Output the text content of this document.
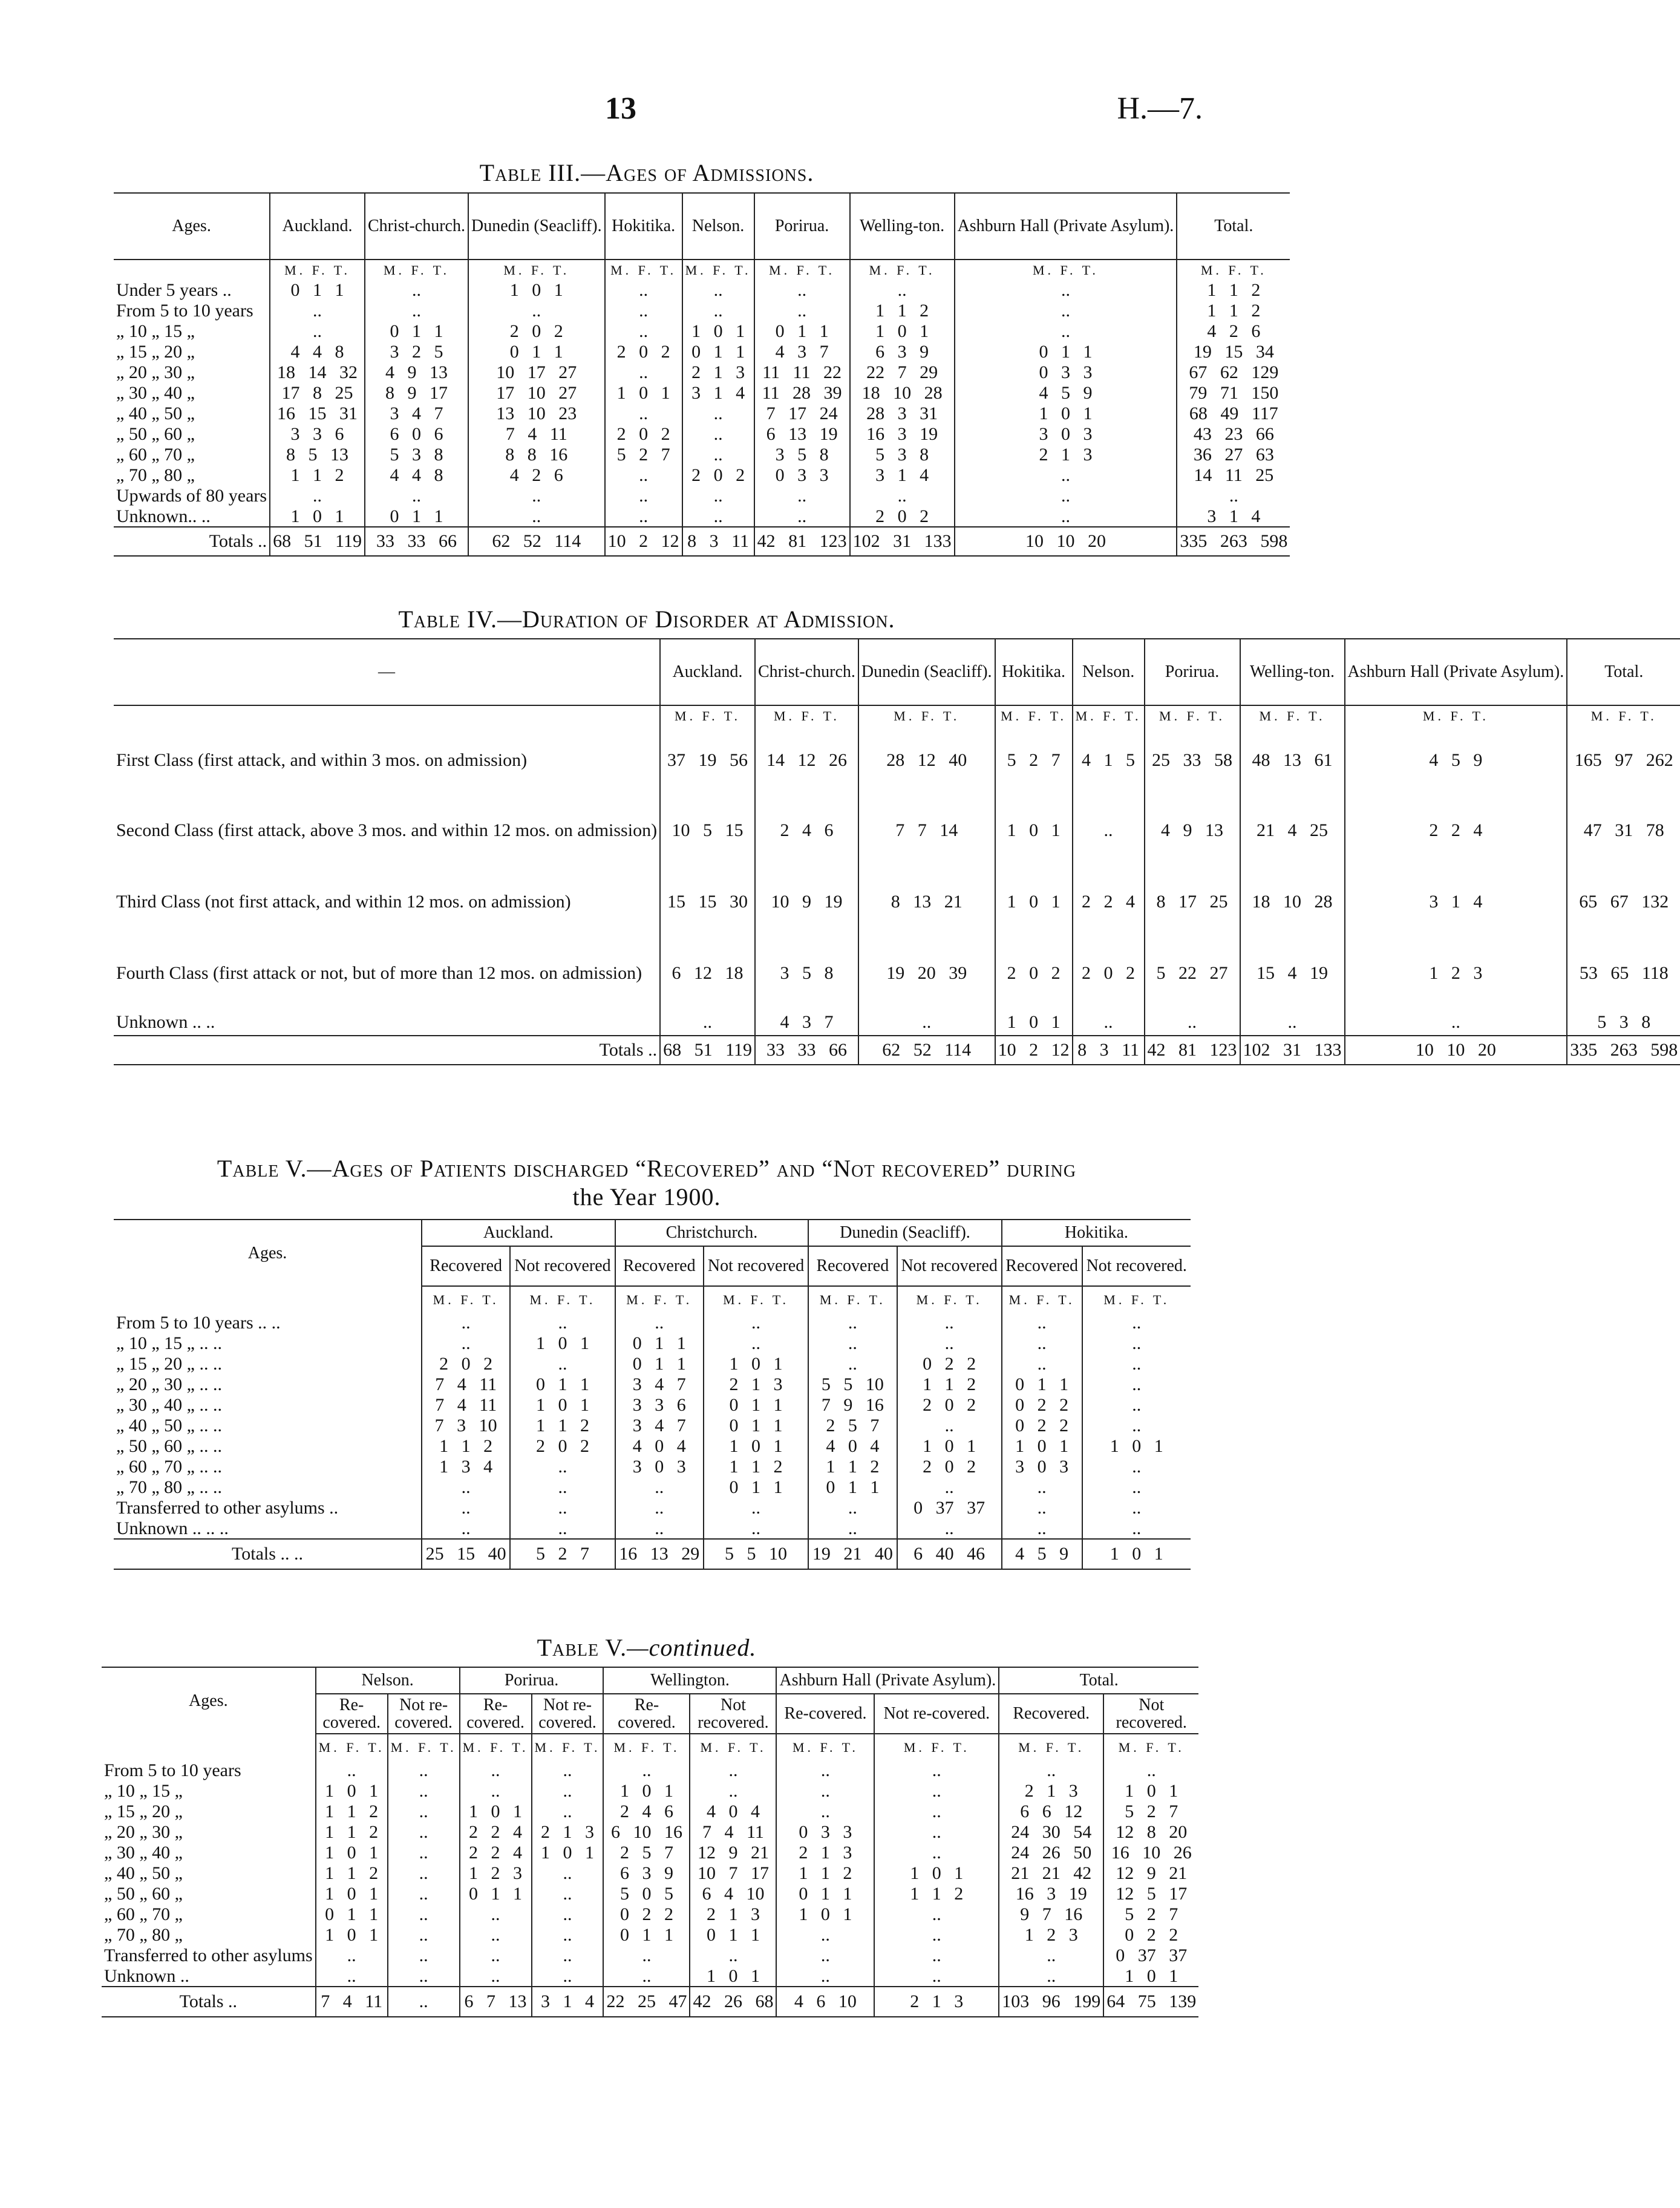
13	H.—7.
Table III.—Ages of Admissions.
Ages.	Auckland.	Christ-church.	Dunedin (Seacliff).	Hokitika.	Nelson.	Porirua.	Welling-ton.	Ashburn Hall (Private Asylum).	Total.
	M. F. T.	M. F. T.	M. F. T.	M. F. T.	M. F. T.	M. F. T.	M. F. T.	M. F. T.	M. F. T.
Under 5 years ..	0 1 1	..	1 0 1	..	..	..	..	..	1 1 2
From 5 to 10 years	..	..	..	..	..	..	1 1 2	..	1 1 2
„ 10 „ 15 „	..	0 1 1	2 0 2	..	1 0 1	0 1 1	1 0 1	..	4 2 6
„ 15 „ 20 „	4 4 8	3 2 5	0 1 1	2 0 2	0 1 1	4 3 7	6 3 9	0 1 1	19 15 34
„ 20 „ 30 „	18 14 32	4 9 13	10 17 27	..	2 1 3	11 11 22	22 7 29	0 3 3	67 62 129
„ 30 „ 40 „	17 8 25	8 9 17	17 10 27	1 0 1	3 1 4	11 28 39	18 10 28	4 5 9	79 71 150
„ 40 „ 50 „	16 15 31	3 4 7	13 10 23	..	..	7 17 24	28 3 31	1 0 1	68 49 117
„ 50 „ 60 „	3 3 6	6 0 6	7 4 11	2 0 2	..	6 13 19	16 3 19	3 0 3	43 23 66
„ 60 „ 70 „	8 5 13	5 3 8	8 8 16	5 2 7	..	3 5 8	5 3 8	2 1 3	36 27 63
„ 70 „ 80 „	1 1 2	4 4 8	4 2 6	..	2 0 2	0 3 3	3 1 4	..	14 11 25
Upwards of 80 years	..	..	..	..	..	..	..	..	..
Unknown.. ..	1 0 1	0 1 1	..	..	..	..	2 0 2	..	3 1 4
Totals ..	68 51 119	33 33 66	62 52 114	10 2 12	8 3 11	42 81 123	102 31 133	10 10 20	335 263 598
Table IV.—Duration of Disorder at Admission.
—	Auckland.	Christ-church.	Dunedin (Seacliff).	Hokitika.	Nelson.	Porirua.	Welling-ton.	Ashburn Hall (Private Asylum).	Total.
	M. F. T.	M. F. T.	M. F. T.	M. F. T.	M. F. T.	M. F. T.	M. F. T.	M. F. T.	M. F. T.
First Class (first attack, and within 3 mos. on admission)	37 19 56	14 12 26	28 12 40	5 2 7	4 1 5	25 33 58	48 13 61	4 5 9	165 97 262
Second Class (first attack, above 3 mos. and within 12 mos. on admission)	10 5 15	2 4 6	7 7 14	1 0 1	..	4 9 13	21 4 25	2 2 4	47 31 78
Third Class (not first attack, and within 12 mos. on admission)	15 15 30	10 9 19	8 13 21	1 0 1	2 2 4	8 17 25	18 10 28	3 1 4	65 67 132
Fourth Class (first attack or not, but of more than 12 mos. on admission)	6 12 18	3 5 8	19 20 39	2 0 2	2 0 2	5 22 27	15 4 19	1 2 3	53 65 118
Unknown .. ..	..	4 3 7	..	1 0 1	..	..	..	..	5 3 8
Totals ..	68 51 119	33 33 66	62 52 114	10 2 12	8 3 11	42 81 123	102 31 133	10 10 20	335 263 598
Table V.—Ages of Patients discharged “Recovered” and “Not recovered” during
the Year 1900.
Ages.	Auckland.		Christchurch.		Dunedin (Seacliff).		Hokitika.	
	Recovered	Not recovered	Recovered	Not recovered	Recovered	Not recovered	Recovered	Not recovered.
	M. F. T.	M. F. T.	M. F. T.	M. F. T.	M. F. T.	M. F. T.	M. F. T.	M. F. T.
From 5 to 10 years .. ..	..	..	..	..	..	..	..	..
„ 10 „ 15 „ .. ..	..	1 0 1	0 1 1	..	..	..	..	..
„ 15 „ 20 „ .. ..	2 0 2	..	0 1 1	1 0 1	..	0 2 2	..	..
„ 20 „ 30 „ .. ..	7 4 11	0 1 1	3 4 7	2 1 3	5 5 10	1 1 2	0 1 1	..
„ 30 „ 40 „ .. ..	7 4 11	1 0 1	3 3 6	0 1 1	7 9 16	2 0 2	0 2 2	..
„ 40 „ 50 „ .. ..	7 3 10	1 1 2	3 4 7	0 1 1	2 5 7	..	0 2 2	..
„ 50 „ 60 „ .. ..	1 1 2	2 0 2	4 0 4	1 0 1	4 0 4	1 0 1	1 0 1	1 0 1
„ 60 „ 70 „ .. ..	1 3 4	..	3 0 3	1 1 2	1 1 2	2 0 2	3 0 3	..
„ 70 „ 80 „ .. ..	..	..	..	0 1 1	0 1 1	..	..	..
Transferred to other asylums ..	..	..	..	..	..	0 37 37	..	..
Unknown .. .. ..	..	..	..	..	..	..	..	..
Totals .. ..	25 15 40	5 2 7	16 13 29	5 5 10	19 21 40	6 40 46	4 5 9	1 0 1
Table V.—continued.
Ages.	Nelson.		Porirua.		Wellington.		Ashburn Hall (Private Asylum).		Total.	
	Re-covered.	Not re-covered.	Re-covered.	Not re-covered.	Re-covered.	Not recovered.	Re-covered.	Not re-covered.	Recovered.	Not recovered.
	M. F. T.	M. F. T.	M. F. T.	M. F. T.	M. F. T.	M. F. T.	M. F. T.	M. F. T.	M. F. T.	M. F. T.
From 5 to 10 years	..	..	..	..	..	..	..	..	..	..
„ 10 „ 15 „	1 0 1	..	..	..	1 0 1	..	..	..	2 1 3	1 0 1
„ 15 „ 20 „	1 1 2	..	1 0 1	..	2 4 6	4 0 4	..	..	6 6 12	5 2 7
„ 20 „ 30 „	1 1 2	..	2 2 4	2 1 3	6 10 16	7 4 11	0 3 3	..	24 30 54	12 8 20
„ 30 „ 40 „	1 0 1	..	2 2 4	1 0 1	2 5 7	12 9 21	2 1 3	..	24 26 50	16 10 26
„ 40 „ 50 „	1 1 2	..	1 2 3	..	6 3 9	10 7 17	1 1 2	1 0 1	21 21 42	12 9 21
„ 50 „ 60 „	1 0 1	..	0 1 1	..	5 0 5	6 4 10	0 1 1	1 1 2	16 3 19	12 5 17
„ 60 „ 70 „	0 1 1	..	..	..	0 2 2	2 1 3	1 0 1	..	9 7 16	5 2 7
„ 70 „ 80 „	1 0 1	..	..	..	0 1 1	0 1 1	..	..	1 2 3	0 2 2
Transferred to other asylums	..	..	..	..	..	..	..	..	..	0 37 37
Unknown ..	..	..	..	..	..	1 0 1	..	..	..	1 0 1
Totals ..	7 4 11	..	6 7 13	3 1 4	22 25 47	42 26 68	4 6 10	2 1 3	103 96 199	64 75 139
